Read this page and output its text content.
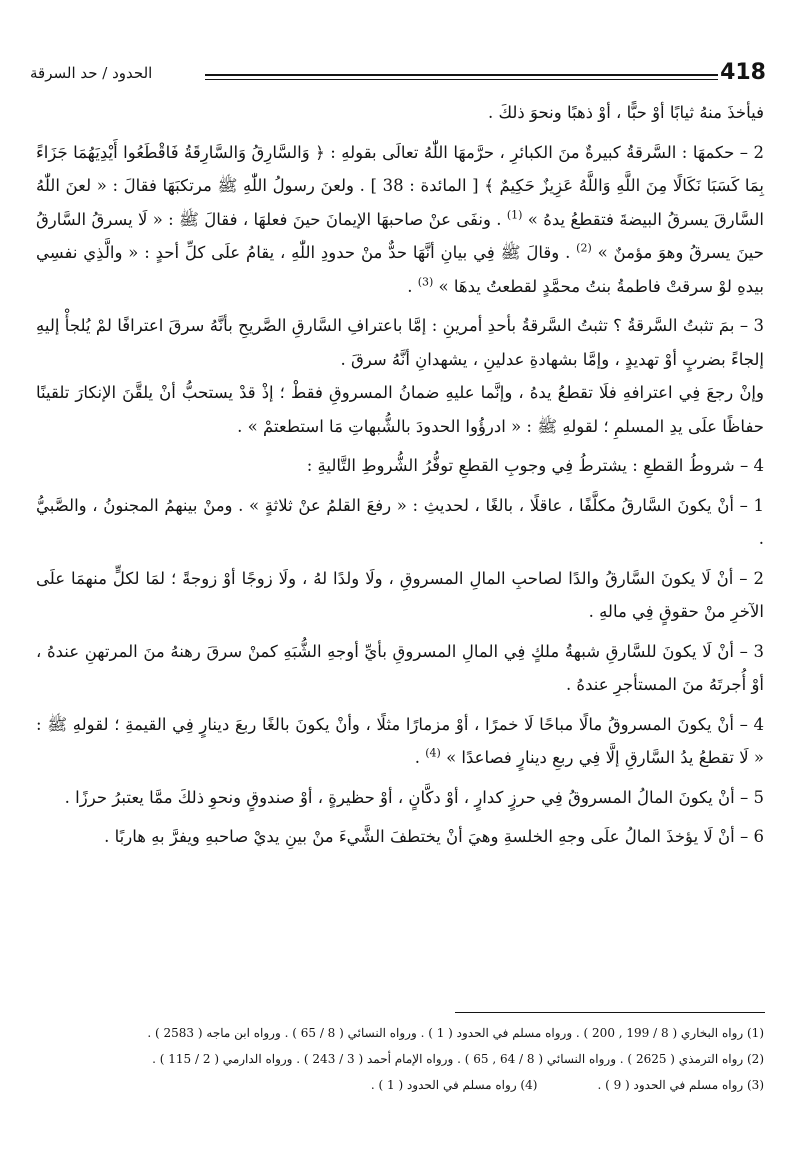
418
الحدود / حد السرقة

فيأخذَ منهُ ثيابًا أوْ حبًّا ، أوْ ذهبًا ونحوَ ذلكَ .

2 – حكمهَا : السَّرقةُ كبيرةٌ منَ الكبائرِ ، حرَّمهَا اللّٰهُ تعالَى بقولهِ : ﴿ وَالسَّارِقُ وَالسَّارِقَةُ فَاقْطَعُوا أَيْدِيَهُمَا جَزَاءً بِمَا كَسَبَا نَكَالًا مِنَ اللَّهِ وَاللَّهُ عَزِيزٌ حَكِيمٌ ﴾ [ المائدة : 38 ] . ولعنَ رسولُ اللّٰهِ ﷺ مرتكبَهَا فقالَ : « لعنَ اللّٰهُ السَّارقَ يسرقُ البيضةَ فتقطعُ يدهُ » $^{(1)}$ . ونفَى عنْ صاحبهَا الإيمانَ حينَ فعلهَا ، فقالَ ﷺ : « لَا يسرقُ السَّارقُ حينَ يسرقُ وهوَ مؤمنٌ » $^{(2)}$ . وقالَ ﷺ فِي بيانِ أنَّهَا حدٌّ منْ حدودِ اللّٰهِ ، يقامُ علَى كلِّ أحدٍ : « والَّذِي نفسِي بيدهِ لوْ سرقتْ فاطمةُ بنتُ محمَّدٍ لقطعتُ يدهَا » $^{(3)}$ .

3 – بمَ تثبتُ السَّرقةُ ؟ تثبتُ السَّرقةُ بأحدِ أمرينِ : إمَّا باعترافِ السَّارقِ الصَّريحِ بأنَّهُ سرقَ اعترافًا لمْ يُلجأْ إليهِ إلجاءً بضربٍ أوْ تهديدٍ ، وإمَّا بشهادةِ عدلينِ ، يشهدانِ أنَّهُ سرقَ .

وإنْ رجعَ فِي اعترافهِ فلَا تقطعُ يدهُ ، وإنَّما عليهِ ضمانُ المسروقِ فقطْ ؛ إذْ قدْ يستحبُّ أنْ يلقَّنَ الإنكارَ تلقينًا حفاظًا علَى يدِ المسلمِ ؛ لقولهِ ﷺ : « ادرؤُوا الحدودَ بالشُّبهاتِ مَا استطعتمْ » .

4 – شروطُ القطعِ : يشترطُ فِي وجوبِ القطعِ توفُّرُ الشُّروطِ التَّاليةِ :

1 – أنْ يكونَ السَّارقُ مكلَّفًا ، عاقلًا ، بالغًا ، لحديثِ : « رفعَ القلمُ عنْ ثلاثةٍ » . ومنْ بينهمُ المجنونُ ، والصَّبيُّ .

2 – أنْ لَا يكونَ السَّارقُ والدًا لصاحبِ المالِ المسروقِ ، ولَا ولدًا لهُ ، ولَا زوجًا أوْ زوجةً ؛ لمَا لكلٍّ منهمَا علَى الآخرِ منْ حقوقٍ فِي مالهِ .

3 – أنْ لَا يكونَ للسَّارقِ شبهةُ ملكٍ فِي المالِ المسروقِ بأيِّ أوجهِ الشُّبَهِ كمنْ سرقَ رهنهُ منَ المرتهنِ عندهُ ، أوْ أُجرتَهُ منَ المستأجرِ عندهُ .

4 – أنْ يكونَ المسروقُ مالًا مباحًا لَا خمرًا ، أوْ مزمارًا مثلًا ، وأنْ يكونَ بالغًا ربعَ دينارٍ فِي القيمةِ ؛ لقولهِ ﷺ : « لَا تقطعُ يدُ السَّارقِ إلَّا فِي ربعِ دينارٍ فصاعدًا » $^{(4)}$ .

5 – أنْ يكونَ المالُ المسروقُ فِي حرزٍ كدارٍ ، أوْ دكَّانٍ ، أوْ حظيرةٍ ، أوْ صندوقٍ ونحوِ ذلكَ ممَّا يعتبرُ حرزًا .

6 – أنْ لَا يؤخذَ المالُ علَى وجهِ الخلسةِ وهيَ أنْ يختطفَ الشَّيءَ منْ بينِ يديْ صاحبهِ ويفرَّ بهِ هاربًا .

(1) رواه البخاري ( 8 / 199 , 200 ) . ورواه مسلم في الحدود ( 1 ) . ورواه النسائي ( 8 / 65 ) . ورواه ابن ماجه ( 2583 ) .

(2) رواه الترمذي ( 2625 ) . ورواه النسائي ( 8 / 64 , 65 ) . ورواه الإمام أحمد ( 3 / 243 ) . ورواه الدارمي ( 2 / 115 ) .

(3) رواه مسلم في الحدود ( 9 ) .
(4) رواه مسلم في الحدود ( 1 ) .
